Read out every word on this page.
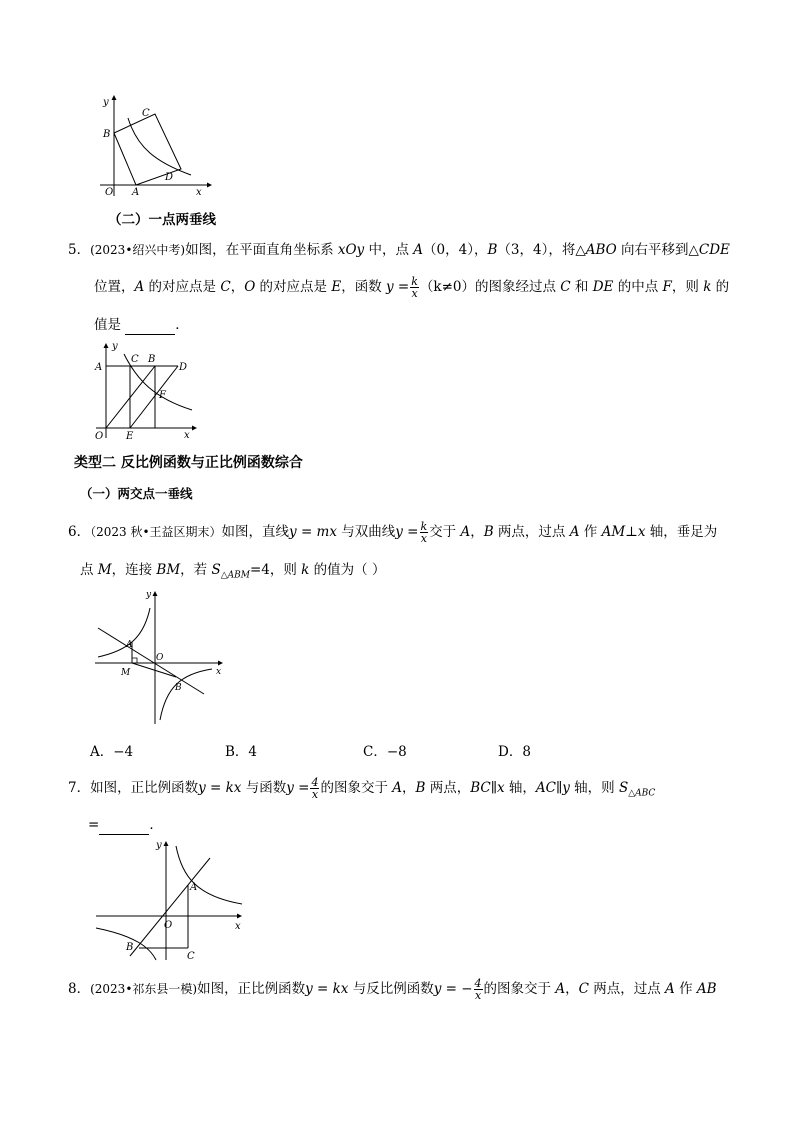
y
x
O A
B
C
D
（二）一点两垂线
5．(2023•绍兴中考)如图，在平面直角坐标系 xOy 中，点 A（0，4），B（3，4），将△ABO 向右平移到△CDE
位置，A 的对应点是 C，O 的对应点是 E，函数 $y = \frac{k}{x} (k\ne 0)$的图象经过点 C 和 DE 的中点 F，则 k 的
值是	．
y
x
O
A
C B
D
E
F
类型二 反比例函数与正比例函数综合
（一）两交点一垂线
6．（2023 秋•王益区期末）如图，直线y = mx 与双曲线$y = \frac{k}{x}$ 交于 A，B 两点，过点 A 作 AM⊥x 轴，垂足为
点 M，连接 BM，若 $S_{\triangle ABM}=4$，则 k 的值为（ ）
y
x
O
A
B
M
A．−4	B．4	C．−8	D．8
7．如图，正比例函数y = kx 与函数$y = \frac{4}{x}$ 的图象交于 A，B 两点，BC∥x 轴，AC∥y 轴，则 $S_{\triangle ABC}$
=	．
y
x
O
A
B
C
8．(2023•祁东县一模)如图，正比例函数y = kx 与反比例函数y = − $\frac{4}{x}$ 的图象交于 A，C 两点，过点 A 作 AB
